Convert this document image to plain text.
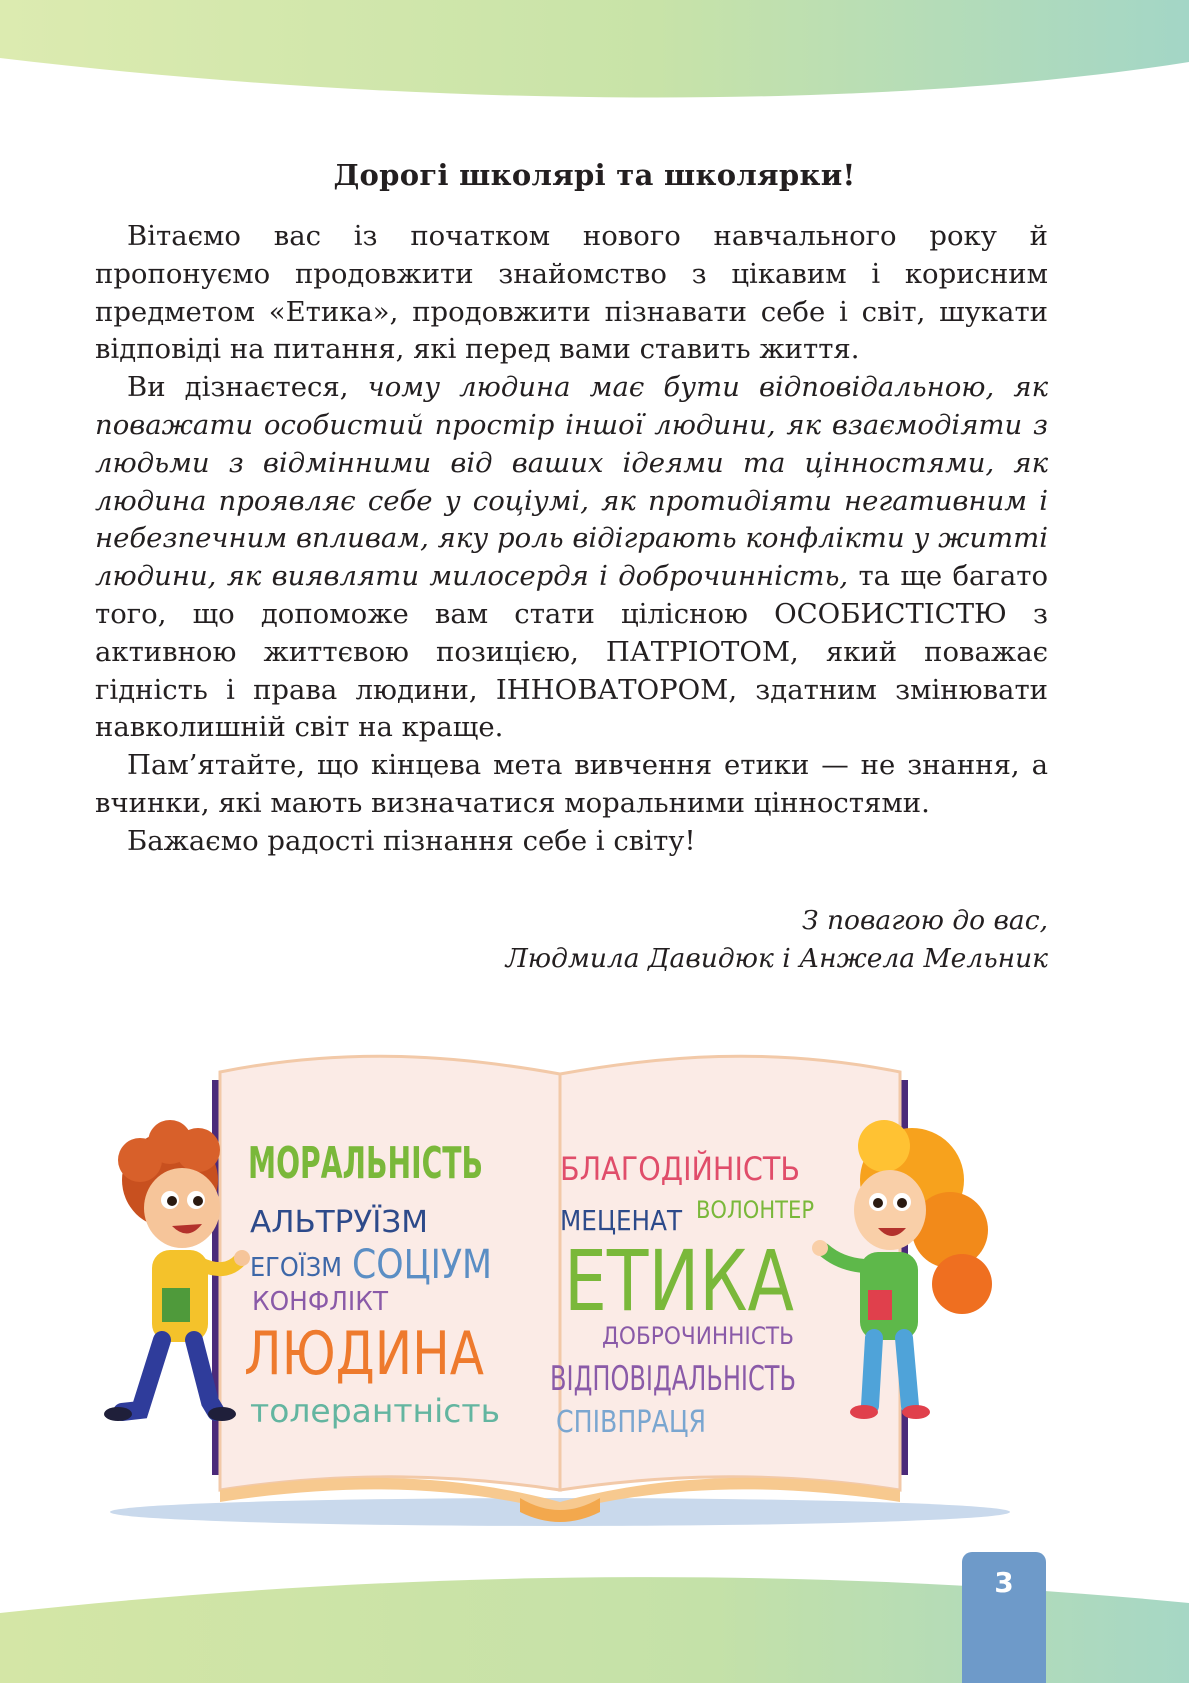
Дорогі школярі та школярки!

Вітаємо вас із початком нового навчального року й пропонуємо продовжити знайомство з цікавим і корисним предметом «Етика», продовжити пізнавати себе і світ, шукати відповіді на питання, які перед вами ставить життя.

Ви дізнаєтеся, чому людина має бути відповідальною, як поважати особистий простір іншої людини, як взаємодіяти з людьми з відмінними від ваших ідеями та цінностями, як людина проявляє себе у соціумі, як протидіяти негативним і небезпечним впливам, яку роль відіграють конфлікти у житті людини, як виявляти милосердя і доброчинність, та ще багато того, що допоможе вам стати цілісною ОСОБИСТІСТЮ з активною життєвою позицією, ПАТРІОТОМ, який поважає гідність і права людини, ІННОВАТОРОМ, здатним змінювати навколишній світ на краще.

Пам’ятайте, що кінцева мета вивчення етики — не знання, а вчинки, які мають визначатися моральними цінностями.

Бажаємо радості пізнання себе і світу!

З повагою до вас,
Людмила Давидюк і Анжела Мельник
МОРАЛЬНІСТЬ
АЛЬТРУЇЗМ
ЕГОЇЗМ СОЦІУМ
КОНФЛІКТ
ЛЮДИНА
толерантність
БЛАГОДІЙНІСТЬ
МЕЦЕНАТ ВОЛОНТЕР
ЕТИКА
ДОБРОЧИННІСТЬ
ВІДПОВІДАЛЬНІСТЬ
СПІВПРАЦЯ
3
